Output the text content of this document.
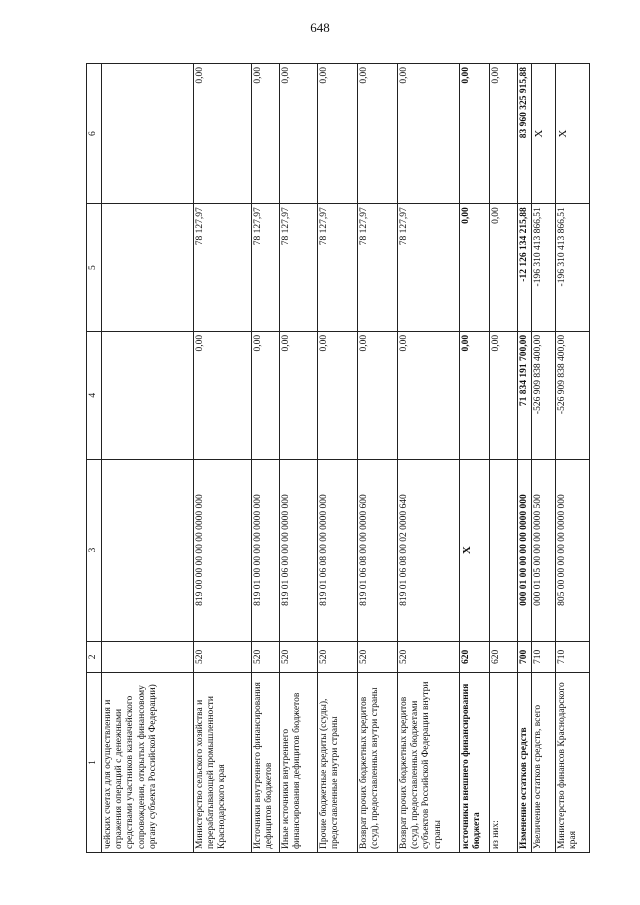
648
1	2	3	4	5	6
чейских счетах для осуществления и отражения операций с денежными средствами участников казначейского сопровождения, открытых финансовому органу субъекта Российской Федерации)					
Министерство сельского хозяйства и перерабатывающей промышленности Краснодарского края	520	819 00 00 00 00 00 0000 000	0,00	78 127,97	0,00
Источники внутреннего финансирования дефицитов бюджетов	520	819 01 00 00 00 00 0000 000	0,00	78 127,97	0,00
Иные источники внутреннего финансирования дефицитов бюджетов	520	819 01 06 00 00 00 0000 000	0,00	78 127,97	0,00
Прочие бюджетные кредиты (ссуды), предоставленные внутри страны	520	819 01 06 08 00 00 0000 000	0,00	78 127,97	0,00
Возврат прочих бюджетных кредитов (ссуд), предоставленных внутри страны	520	819 01 06 08 00 00 0000 600	0,00	78 127,97	0,00
Возврат прочих бюджетных кредитов (ссуд), предоставленных бюджетами субъектов Российской Федерации внутри страны	520	819 01 06 08 00 02 0000 640	0,00	78 127,97	0,00
источники внешнего финансирования бюджета	620	X	0,00	0,00	0,00
из них:	620		0,00	0,00	0,00
Изменение остатков средств	700	000 01 00 00 00 00 0000 000	71 834 191 700,00	-12 126 134 215,88	83 960 325 915,88
Увеличение остатков средств, всего	710	000 01 05 00 00 00 0000 500	-526 909 838 400,00	-196 310 413 866,51	X
Министерство финансов Краснодарского края	710	805 00 00 00 00 00 0000 000	-526 909 838 400,00	-196 310 413 866,51	X
